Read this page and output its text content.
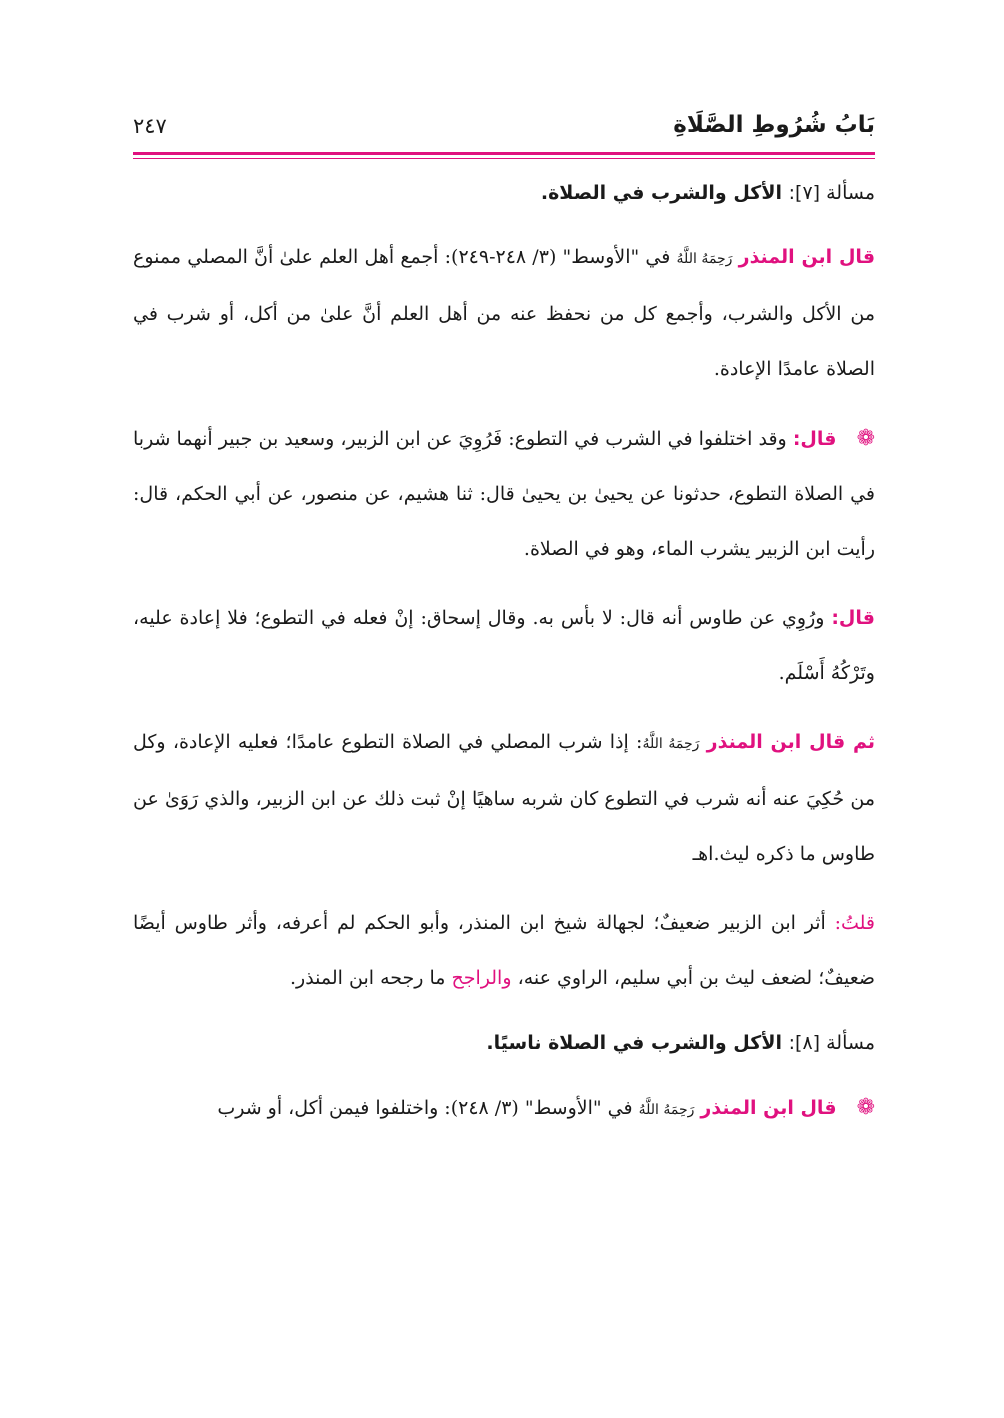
بَابُ شُرُوطِ الصَّلَاةِ
٢٤٧

مسألة [٧]: الأكل والشرب في الصلاة.

قال ابن المنذر رَحِمَهُ اللَّهُ في "الأوسط" (٣/ ٢٤٨-٢٤٩): أجمع أهل العلم علىٰ أنَّ المصلي ممنوع من الأكل والشرب، وأجمع كل من نحفظ عنه من أهل العلم أنَّ علىٰ من أكل، أو شرب في الصلاة عامدًا الإعادة.

❁ قال: وقد اختلفوا في الشرب في التطوع: فَرُوِيَ عن ابن الزبير، وسعيد بن جبير أنهما شربا في الصلاة التطوع، حدثونا عن يحيىٰ بن يحيىٰ قال: ثنا هشيم، عن منصور، عن أبي الحكم، قال: رأيت ابن الزبير يشرب الماء، وهو في الصلاة.

قال: ورُوِي عن طاوس أنه قال: لا بأس به. وقال إسحاق: إنْ فعله في التطوع؛ فلا إعادة عليه، وتَرْكُهُ أَسْلَم.

ثم قال ابن المنذر رَحِمَهُ اللَّهُ: إذا شرب المصلي في الصلاة التطوع عامدًا؛ فعليه الإعادة، وكل من حُكِيَ عنه أنه شرب في التطوع كان شربه ساهيًا إنْ ثبت ذلك عن ابن الزبير، والذي رَوَىٰ عن طاوس ما ذكره ليث.اهـ

قلتُ: أثر ابن الزبير ضعيفٌ؛ لجهالة شيخ ابن المنذر، وأبو الحكم لم أعرفه، وأثر طاوس أيضًا ضعيفٌ؛ لضعف ليث بن أبي سليم، الراوي عنه، والراجح ما رجحه ابن المنذر.

مسألة [٨]: الأكل والشرب في الصلاة ناسيًا.

❁ قال ابن المنذر رَحِمَهُ اللَّهُ في "الأوسط" (٣/ ٢٤٨): واختلفوا فيمن أكل، أو شرب
